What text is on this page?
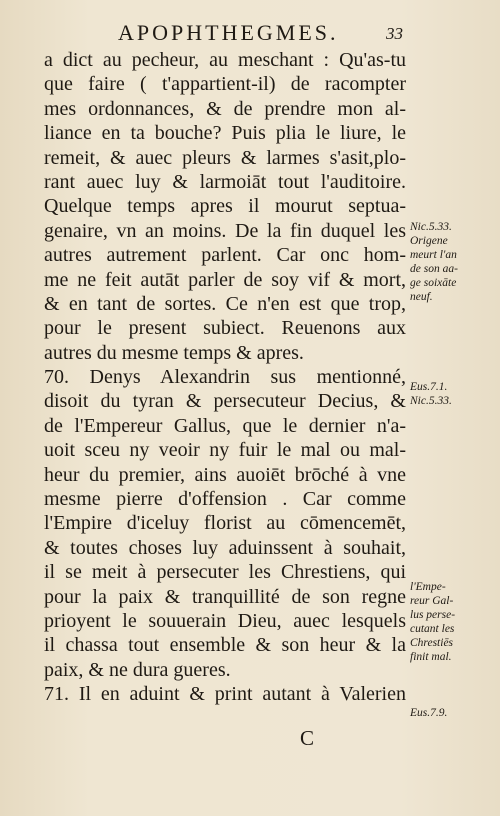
APOPHTHEGMES.	33
a dict au pecheur, au meschant : Qu'as-tu
que faire ( t'appartient-il) de racompter
mes ordonnances, & de prendre mon al-
liance en ta bouche? Puis plia le liure, le
remeit, & auec pleurs & larmes s'asit,plo-
rant auec luy & larmoiāt tout l'auditoire.
Quelque temps apres il mourut septua-
genaire, vn an moins. De la fin duquel les
autres autrement parlent. Car onc hom-
me ne feit autāt parler de soy vif & mort,
& en tant de sortes. Ce n'en est que trop,
pour le present subiect. Reuenons aux
autres du mesme temps & apres.
70. Denys Alexandrin sus mentionné,
disoit du tyran & persecuteur Decius, &
de l'Empereur Gallus, que le dernier n'a-
uoit sceu ny veoir ny fuir le mal ou mal-
heur du premier, ains auoiēt brōché à vne
mesme pierre d'offension . Car comme
l'Empire d'iceluy florist au cōmencemēt,
& toutes choses luy aduinssent à souhait,
il se meit à persecuter les Chrestiens, qui
pour la paix & tranquillité de son regne
prioyent le souuerain Dieu, auec lesquels
il chassa tout ensemble & son heur & la
paix, & ne dura gueres.
71. Il en aduint & print autant à Valerien
Nic.5.33.
Origene
meurt l'an
de son aa-
ge soixāte
neuf.
Eus.7.1.
Nic.5.33.
l'Empe-
reur Gal-
lus perse-
cutant les
Chrestiēs
finit mal.
Eus.7.9.
C
